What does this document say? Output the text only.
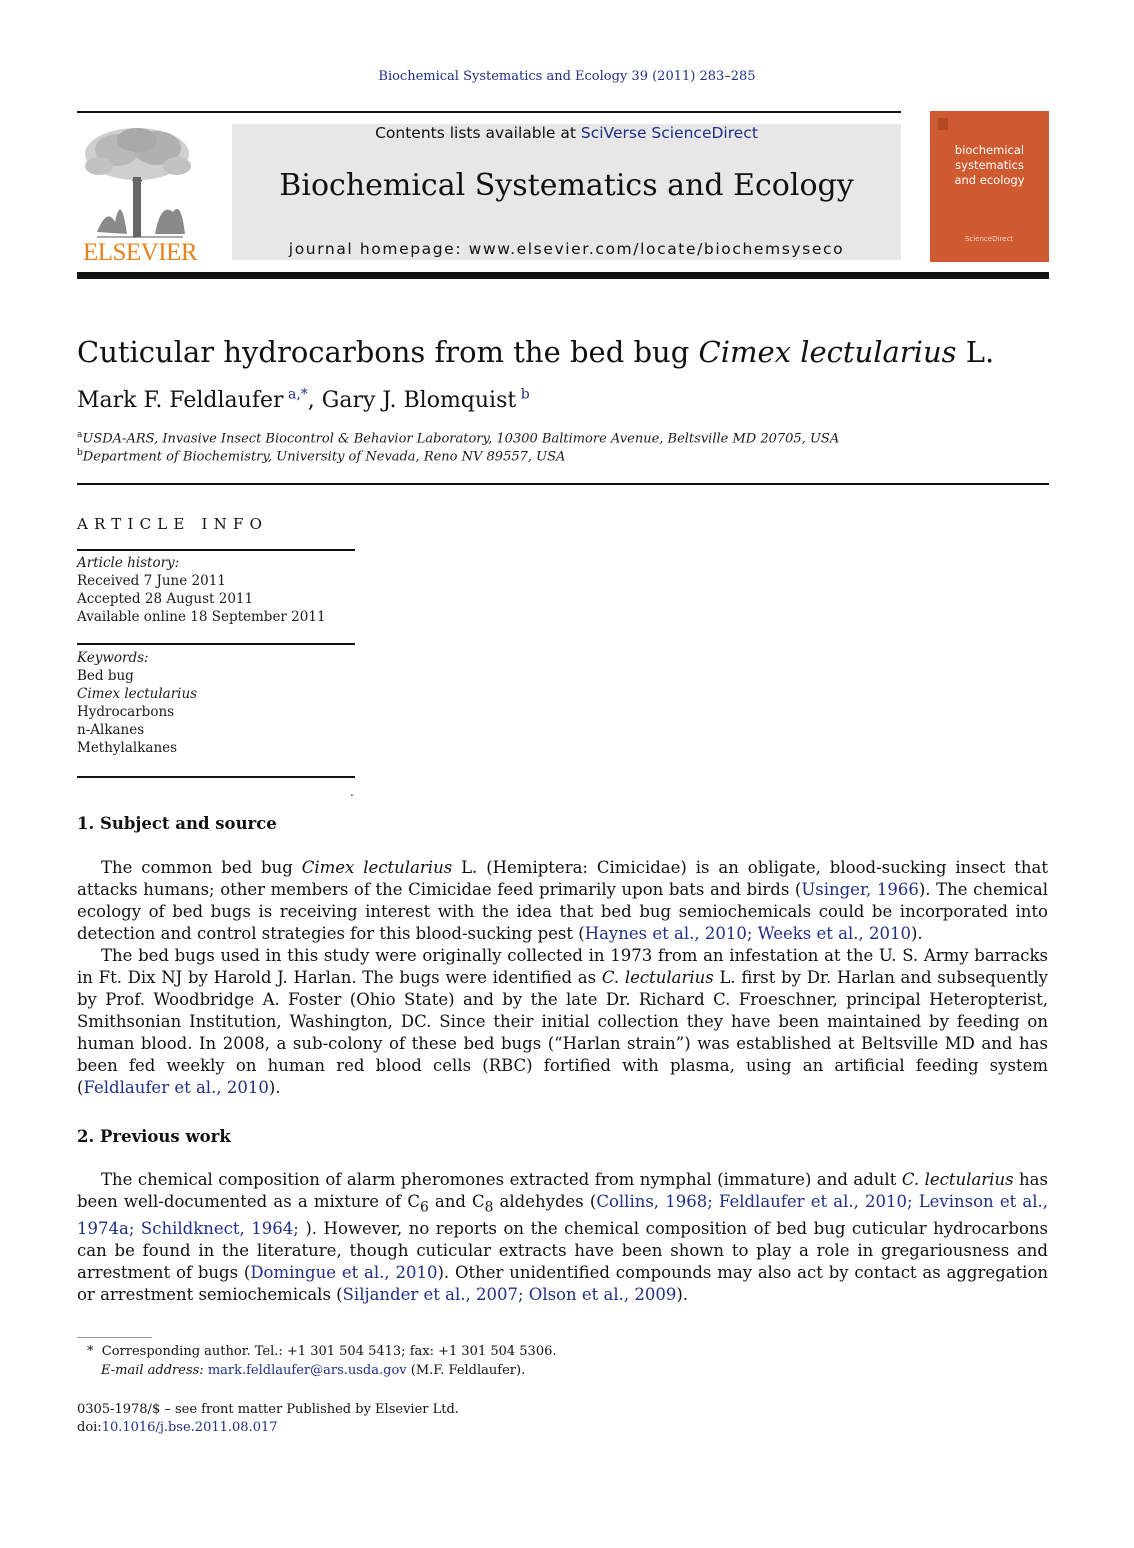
Biochemical Systematics and Ecology 39 (2011) 283–285
ELSEVIER
Contents lists available at SciVerse ScienceDirect
Biochemical Systematics and Ecology
journal homepage: www.elsevier.com/locate/biochemsyseco
biochemical
systematics
and ecology
ScienceDirect
Cuticular hydrocarbons from the bed bug Cimex lectularius L.
Mark F. Feldlaufer $^{a,*}$, Gary J. Blomquist $^b$
$^a$USDA-ARS, Invasive Insect Biocontrol & Behavior Laboratory, 10300 Baltimore Avenue, Beltsville MD 20705, USA
$^b$Department of Biochemistry, University of Nevada, Reno NV 89557, USA
ARTICLE INFO
Article history:
Received 7 June 2011
Accepted 28 August 2011
Available online 18 September 2011
Keywords:
Bed bug
Cimex lectularius
Hydrocarbons
n-Alkanes
Methylalkanes
.
1. Subject and source

The common bed bug Cimex lectularius L. (Hemiptera: Cimicidae) is an obligate, blood-sucking insect that attacks humans; other members of the Cimicidae feed primarily upon bats and birds (Usinger, 1966). The chemical ecology of bed bugs is receiving interest with the idea that bed bug semiochemicals could be incorporated into detection and control strategies for this blood-sucking pest (Haynes et al., 2010; Weeks et al., 2010).

The bed bugs used in this study were originally collected in 1973 from an infestation at the U. S. Army barracks in Ft. Dix NJ by Harold J. Harlan. The bugs were identified as C. lectularius L. first by Dr. Harlan and subsequently by Prof. Woodbridge A. Foster (Ohio State) and by the late Dr. Richard C. Froeschner, principal Heteropterist, Smithsonian Institution, Washington, DC. Since their initial collection they have been maintained by feeding on human blood. In 2008, a sub-colony of these bed bugs (“Harlan strain”) was established at Beltsville MD and has been fed weekly on human red blood cells (RBC) fortified with plasma, using an artificial feeding system (Feldlaufer et al., 2010).

2. Previous work

The chemical composition of alarm pheromones extracted from nymphal (immature) and adult C. lectularius has been well-documented as a mixture of $C_6$ and $C_8$ aldehydes (Collins, 1968; Feldlaufer et al., 2010; Levinson et al., 1974a; Schildknect, 1964; ). However, no reports on the chemical composition of bed bug cuticular hydrocarbons can be found in the literature, though cuticular extracts have been shown to play a role in gregariousness and arrestment of bugs (Domingue et al., 2010). Other unidentified compounds may also act by contact as aggregation or arrestment semiochemicals (Siljander et al., 2007; Olson et al., 2009).

* Corresponding author. Tel.: +1 301 504 5413; fax: +1 301 504 5306.
E-mail address: mark.feldlaufer@ars.usda.gov (M.F. Feldlaufer).
0305-1978/$ – see front matter Published by Elsevier Ltd.
doi:10.1016/j.bse.2011.08.017
